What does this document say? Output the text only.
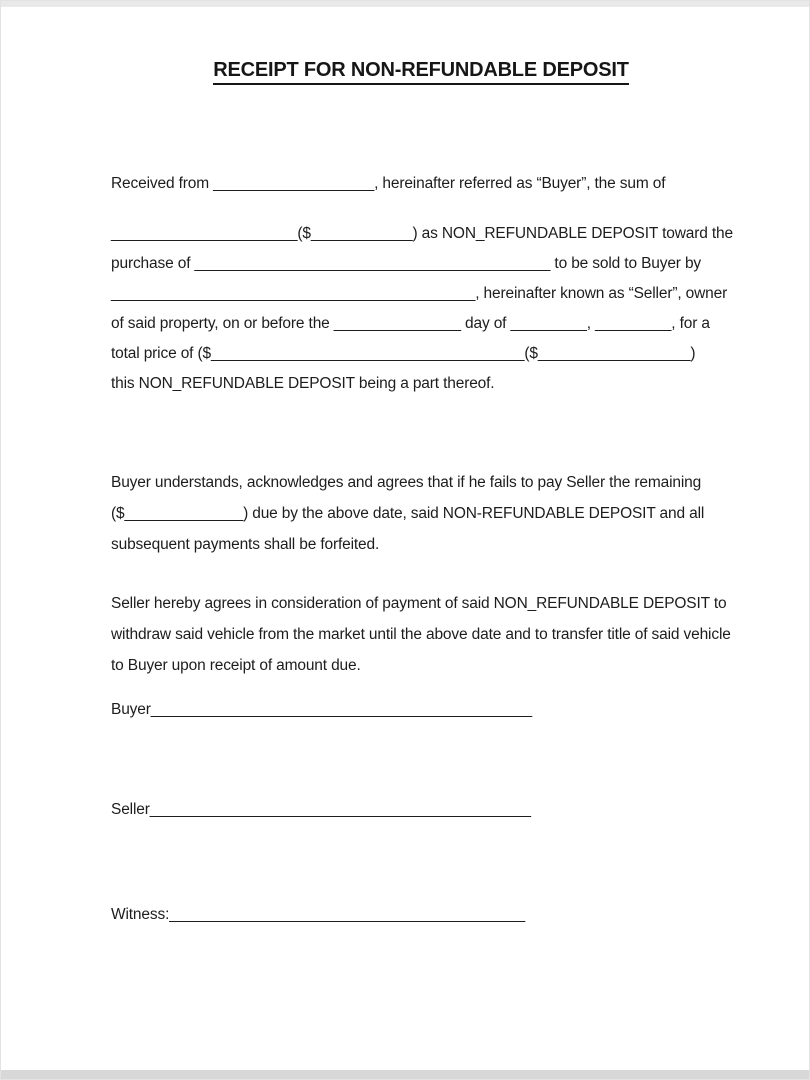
RECEIPT FOR NON-REFUNDABLE DEPOSIT
Received from ___________________, hereinafter referred as “Buyer”, the sum of
______________________($____________) as NON_REFUNDABLE DEPOSIT toward the
purchase of __________________________________________ to be sold to Buyer by
___________________________________________, hereinafter known as “Seller”, owner
of said property, on or before the _______________ day of _________, _________, for a
total price of ($_____________________________________($__________________)
this NON_REFUNDABLE DEPOSIT being a part thereof.
Buyer understands, acknowledges and agrees that if he fails to pay Seller the remaining
($______________) due by the above date, said NON-REFUNDABLE DEPOSIT and all
subsequent payments shall be forfeited.
Seller hereby agrees in consideration of payment of said NON_REFUNDABLE DEPOSIT to
withdraw said vehicle from the market until the above date and to transfer title of said vehicle
to Buyer upon receipt of amount due.
Buyer_____________________________________________
Seller_____________________________________________
Witness:__________________________________________
